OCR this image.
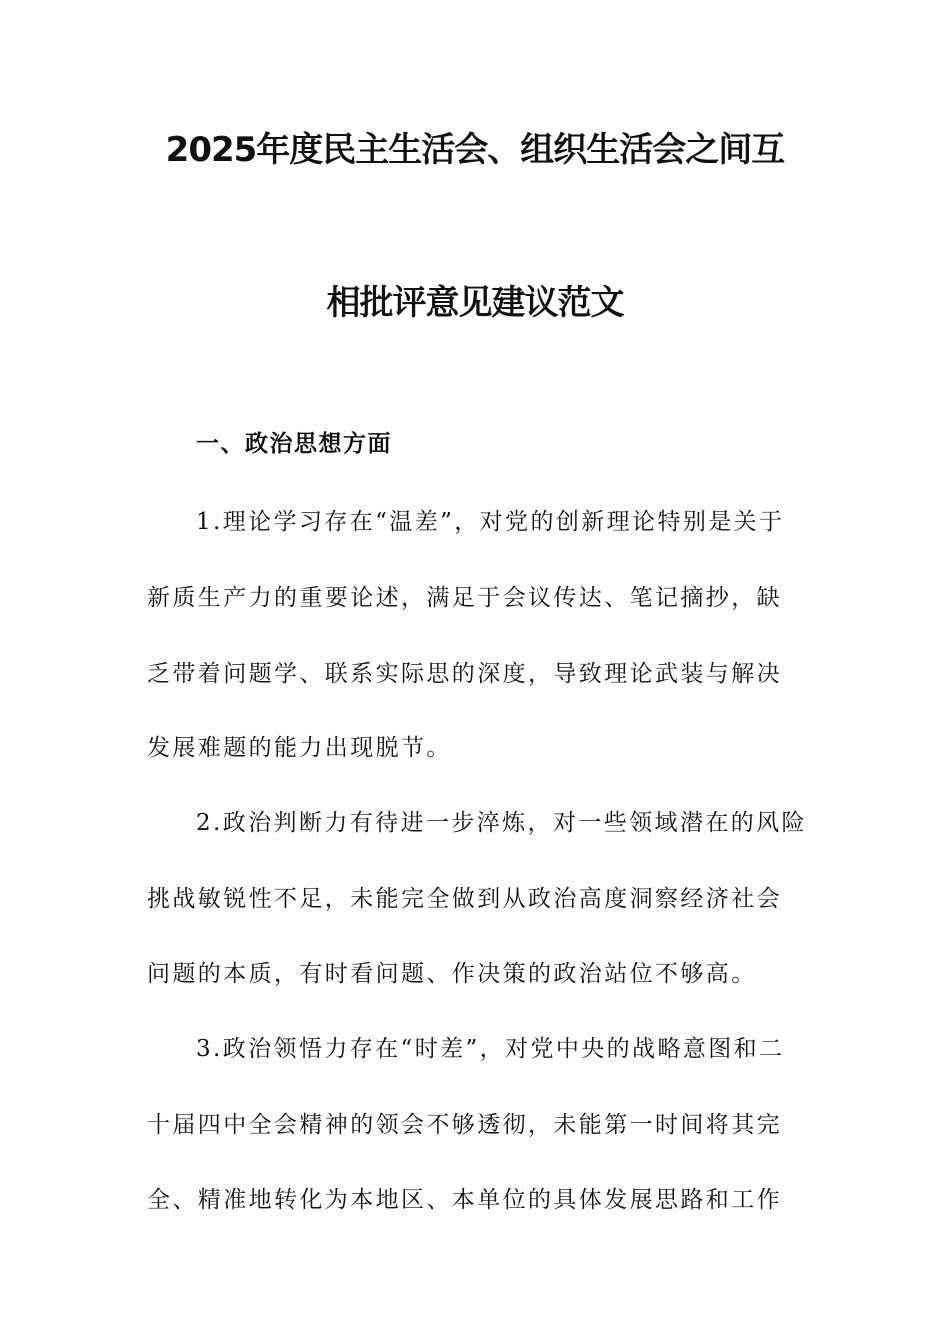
2025年度民主生活会、组织生活会之间互
相批评意见建议范文
一、政治思想方面
1.理论学习存在“温差”，对党的创新理论特别是关于
新质生产力的重要论述，满足于会议传达、笔记摘抄，缺
乏带着问题学、联系实际思的深度，导致理论武装与解决
发展难题的能力出现脱节。
2.政治判断力有待进一步淬炼，对一些领域潜在的风险
挑战敏锐性不足，未能完全做到从政治高度洞察经济社会
问题的本质，有时看问题、作决策的政治站位不够高。
3.政治领悟力存在“时差”，对党中央的战略意图和二
十届四中全会精神的领会不够透彻，未能第一时间将其完
全、精准地转化为本地区、本单位的具体发展思路和工作
